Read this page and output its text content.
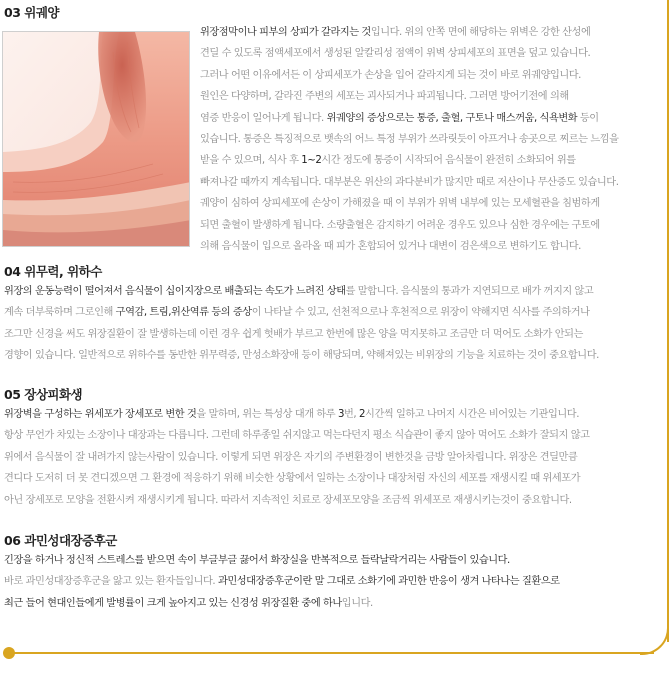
03 위궤양
위장점막이나 피부의 상피가 갈라지는 것입니다. 위의 안쪽 면에 해당하는 위벽은 강한 산성에
견딜 수 있도록 점액세포에서 생성된 알칼리성 점액이 위벽 상피세포의 표면을 덮고 있습니다.
그러나 어떤 이유에서든 이 상피세포가 손상을 입어 갈라지게 되는 것이 바로 위궤양입니다.
원인은 다양하며, 갈라진 주변의 세포는 괴사되거나 파괴됩니다. 그러면 방어기전에 의해
염증 반응이 일어나게 됩니다. 위궤양의 증상으로는 통증, 출혈, 구토나 매스꺼움, 식욕변화 등이
있습니다. 통증은 특징적으로 뱃속의 어느 특정 부위가 쓰라릿듯이 아프거나 송곳으로 찌르는 느낌을
받을 수 있으며, 식사 후 1~2시간 정도에 통증이 시작되어 음식물이 완전히 소화되어 위를
빠져나갈 때까지 계속됩니다. 대부분은 위산의 과다분비가 많지만 때로 저산이나 무산증도 있습니다.
궤양이 심하여 상피세포에 손상이 가해졌을 때 이 부위가 위벽 내부에 있는 모세혈관을 침범하게
되면 출혈이 발생하게 됩니다. 소량출혈은 감지하기 어려운 경우도 있으나 심한 경우에는 구토에
의해 음식물이 입으로 올라올 때 피가 혼합되어 있거나 대변이 검은색으로 변하기도 합니다.
04 위무력, 위하수
위장의 운동능력이 떨어져서 음식물이 십이지장으로 배출되는 속도가 느려진 상태를 말합니다. 음식물의 통과가 지연되므로 배가 꺼지지 않고
계속 더부룩하며 그로인해 구역감, 트림,위산역류 등의 증상이 나타날 수 있고, 선천적으로나 후천적으로 위장이 약해지면 식사를 주의하거나
조그만 신경을 써도 위장질환이 잘 발생하는데 이런 경우 쉽게 헛배가 부르고 한번에 많은 양을 먹지못하고 조금만 더 먹어도 소화가 안되는
경향이 있습니다. 일반적으로 위하수를 동반한 위무력증, 만성소화장애 등이 해당되며, 약해져있는 비위장의 기능을 치료하는 것이 중요합니다.
05 장상피화생
위장벽을 구성하는 위세포가 장세포로 변한 것을 말하며, 위는 특성상 대개 하루 3번, 2시간씩 일하고 나머지 시간은 비어있는 기관입니다.
항상 무언가 차있는 소장이나 대장과는 다릅니다. 그런데 하루종일 쉬지않고 먹는다던지 평소 식습관이 좋지 않아 먹어도 소화가 잘되지 않고
위에서 음식물이 잘 내려가지 않는사람이 있습니다. 이렇게 되면 위장은 자기의 주변환경이 변한것을 금방 알아차립니다. 위장은 견딜만큼
견디다 도저히 더 못 견디겠으면 그 환경에 적응하기 위해 비슷한 상황에서 일하는 소장이나 대장처럼 자신의 세포를 재생시킬 때 위세포가
아닌 장세포로 모양을 전환시켜 재생시키게 됩니다. 따라서 지속적인 치료로 장세포모양을 조금씩 위세포로 재생시키는것이 중요합니다.
06 과민성대장증후군
긴장을 하거나 정신적 스트레스를 받으면 속이 부글부글 끓어서 화장실을 반복적으로 들락날락거리는 사람들이 있습니다.
바로 과민성대장증후군을 앓고 있는 환자들입니다. 과민성대장증후군이란 말 그대로 소화기에 과민한 반응이 생겨 나타나는 질환으로
최근 들어 현대인들에게 발병률이 크게 높아지고 있는 신경성 위장질환 중에 하나입니다.
